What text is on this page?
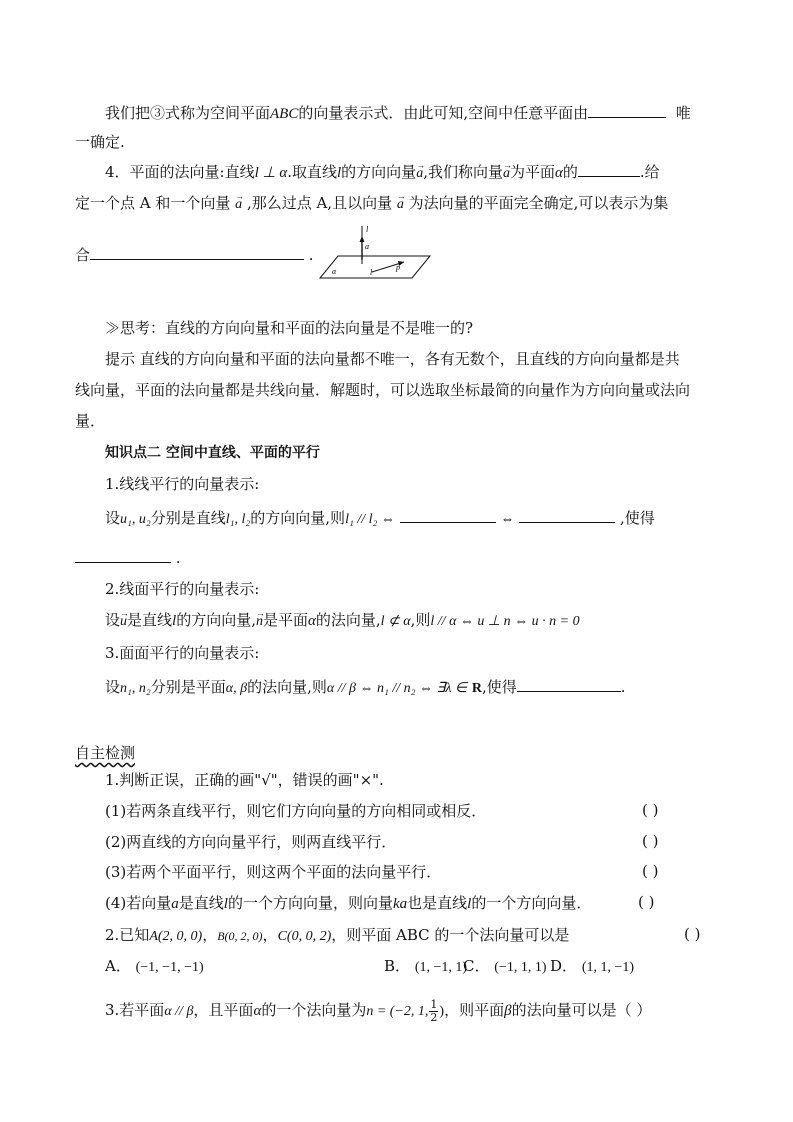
我们把③式称为空间平面ABC的向量表示式．由此可知,空间中任意平面由	唯
一确定.
4．平面的法向量:直线l ⊥ α.取直线l的方向向量→ a,我们称向量→ a为平面α的	.给
定一个点 A 和一个向量 → a ,那么过点 A,且以向量 → a 为法向量的平面完全确定,可以表示为集
合	.
l
a
α	l
p
≫思考：直线的方向向量和平面的法向量是不是唯一的?
提示 直线的方向向量和平面的法向量都不唯一，各有无数个，且直线的方向向量都是共
线向量，平面的法向量都是共线向量．解题时，可以选取坐标最简的向量作为方向向量或法向
量．
知识点二 空间中直线、平面的平行
1.线线平行的向量表示:
设u₁, u₂分别是直线l₁, l₂的方向向量,则l₁ // l₂ ⇔	⇔	,使得
.
2.线面平行的向量表示:
设→ u是直线l的方向向量,→ n是平面α的法向量,l ⊄ α,则l // α ⇔ u ⊥ n ⇔ u · n = 0
3.面面平行的向量表示:
设n₁, n₂分别是平面α, β的法向量,则α // β ⇔ n₁ // n₂ ⇔ ∃λ ∈ R,使得	.
自主检测
1.判断正误，正确的画"√"，错误的画"×".
(1)若两条直线平行，则它们方向向量的方向相同或相反．	( )
(2)两直线的方向向量平行，则两直线平行．	( )
(3)若两个平面平行，则这两个平面的法向量平行．	( )
(4)若向量a是直线l的一个方向向量，则向量ka也是直线l的一个方向向量．	( )
2.已知A(2, 0, 0)，B(0, 2, 0)，C(0, 0, 2)，则平面 ABC 的一个法向量可以是	( )
A． (−1, −1, −1)	B． (1, −1, 1)
C． (−1, 1, 1) D． (1, 1, −1)
3.若平面α // β，且平面α的一个法向量为n = (−2, 1, $\frac{1}{2}$ )，则平面β的法向量可以是（ ）
